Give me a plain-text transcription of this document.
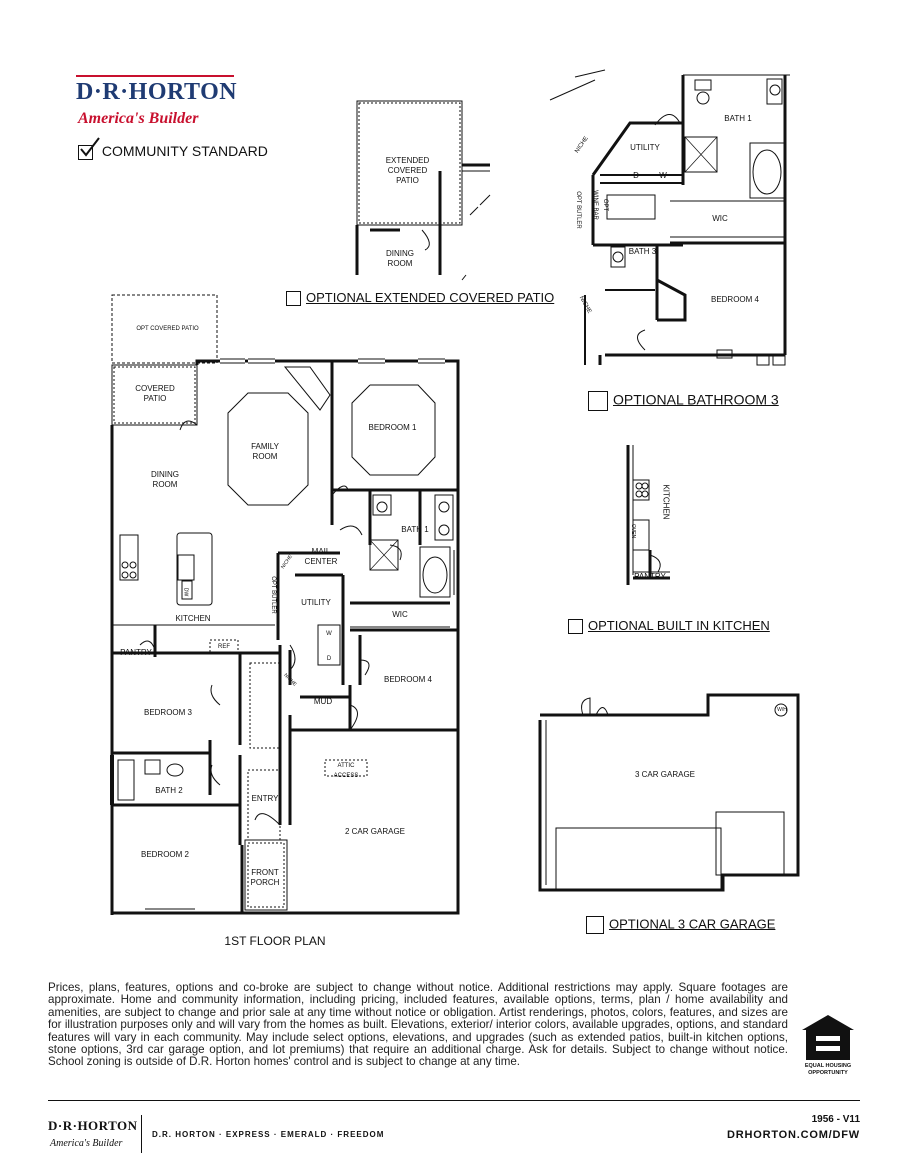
D·R·HORTON
America's Builder
COMMUNITY STANDARD
EXTENDED
COVERED
PATIO
DINING
ROOM
OPTIONAL EXTENDED COVERED PATIO
UTILITY
BATH 1
WIC
BATH 3
BEDROOM 4
D	W
NICHE
OPT
WINE BAR
OPT BUTLER
NICHE
OPTIONAL BATHROOM 3
KITCHEN
OVEN
PANTRY
OPTIONAL BUILT IN KITCHEN
3 CAR GARAGE
W/H
OPTIONAL 3 CAR GARAGE
OPT COVERED PATIO
COVERED
PATIO
DINING
ROOM
FAMILY
ROOM
BEDROOM 1
BATH 1
MAIL
CENTER
NICHE
OPT BUTLER	UTILITY
WIC
KITCHEN
PANTRY
REF
DW
W
D
BEDROOM 4
MUD
NICHE
BEDROOM 3
BATH 2
ENTRY
ATTIC
ACCESS
2 CAR GARAGE
BEDROOM 2
FRONT
PORCH
1ST FLOOR PLAN
Prices, plans, features, options and co-broke are subject to change without notice. Additional restrictions may apply. Square footages are approximate. Home and community information, including pricing, included features, available options, terms, plan / home availability and amenities, are subject to change and prior sale at any time without notice or obligation. Artist renderings, photos, colors, features, and sizes are for illustration purposes only and will vary from the homes as built. Elevations, exterior/ interior colors, available upgrades, options, and standard features will vary in each community. May include select options, elevations, and upgrades (such as extended patios, built-in kitchen options, stone options, 3rd car garage option, and lot premiums) that require an additional charge. Ask for details. Subject to change without notice. School zoning is outside of D.R. Horton homes' control and is subject to change at any time.	EQUAL HOUSING
OPPORTUNITY
D·R·HORTON
America's Builder
D.R. HORTON · EXPRESS · EMERALD · FREEDOM
1956 - V11
DRHORTON.COM/DFW
